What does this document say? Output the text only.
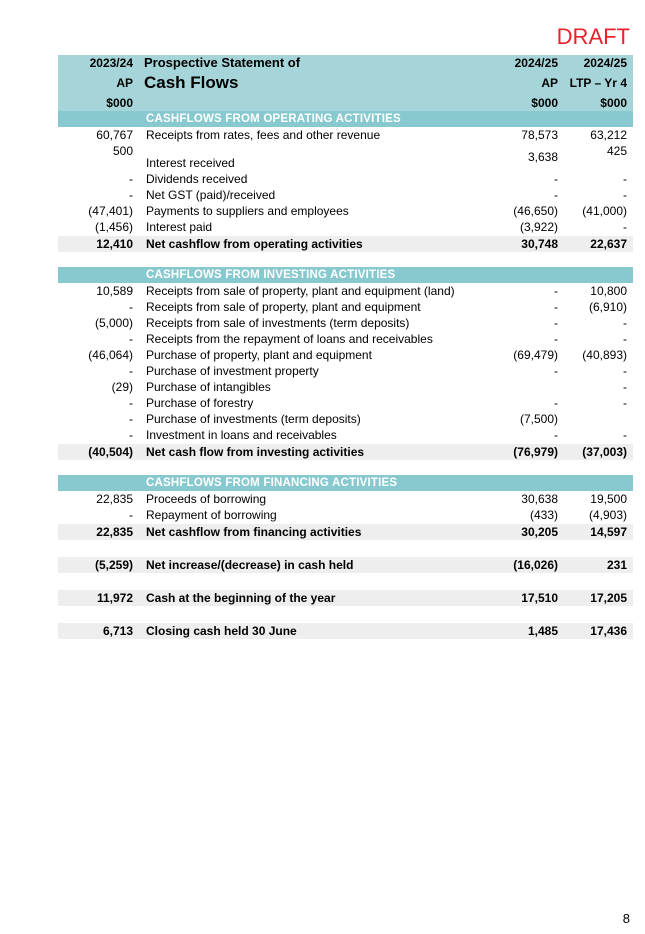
DRAFT
2023/24	Prospective Statement of	2024/25	2024/25
AP	Cash Flows	AP	LTP – Yr 4
$000		$000	$000
	CASHFLOWS FROM OPERATING ACTIVITIES		
60,767	Receipts from rates, fees and other revenue	78,573	63,212
500	Interest received	3,638	425
-	Dividends received	-	-
-	Net GST (paid)/received	-	-
(47,401)	Payments to suppliers and employees	(46,650)	(41,000)
(1,456)	Interest paid	(3,922)	-
12,410	Net cashflow from operating activities	30,748	22,637

	CASHFLOWS FROM INVESTING ACTIVITIES		
10,589	Receipts from sale of property, plant and equipment (land)	-	10,800
-	Receipts from sale of property, plant and equipment	-	(6,910)
(5,000)	Receipts from sale of investments (term deposits)	-	-
-	Receipts from the repayment of loans and receivables	-	-
(46,064)	Purchase of property, plant and equipment	(69,479)	(40,893)
-	Purchase of investment property	-	-
(29)	Purchase of intangibles		-
-	Purchase of forestry	-	-
-	Purchase of investments (term deposits)	(7,500)	
-	Investment in loans and receivables	-	-
(40,504)	Net cash flow from investing activities	(76,979)	(37,003)

	CASHFLOWS FROM FINANCING ACTIVITIES		
22,835	Proceeds of borrowing	30,638	19,500
-	Repayment of borrowing	(433)	(4,903)
22,835	Net cashflow from financing activities	30,205	14,597

(5,259)	Net increase/(decrease) in cash held	(16,026)	231

11,972	Cash at the beginning of the year	17,510	17,205

6,713	Closing cash held 30 June	1,485	17,436
8
